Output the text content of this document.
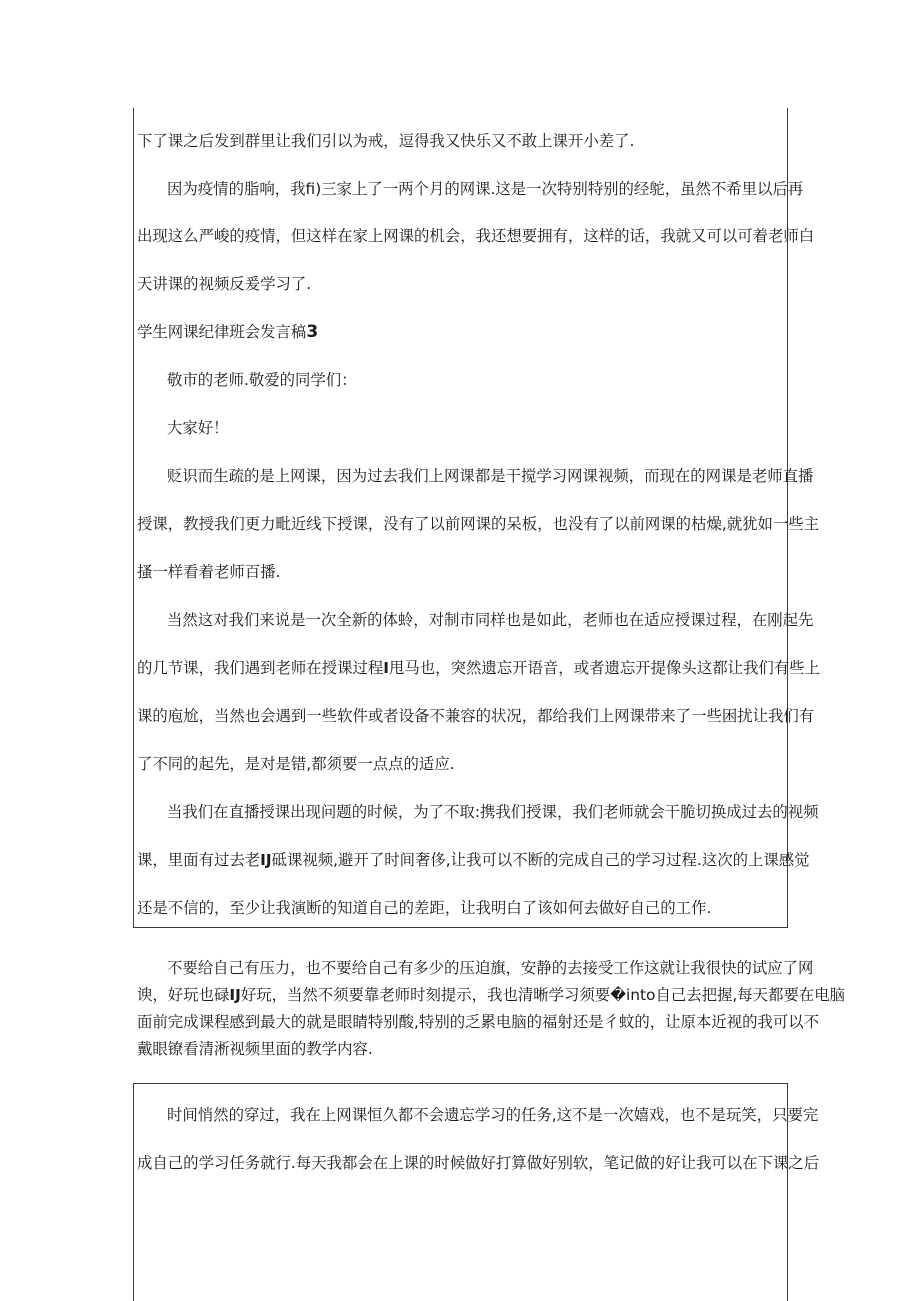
下了课之后发到群里让我们引以为戒，逗得我又快乐又不敢上课开小差了.
因为疫情的脂响，我fi)三家上了一两个月的网课.这是一次特别特别的经鸵，虽然不希里以后再
出现这么严峻的疫情，但这样在家上网课的机会，我还想要拥有，这样的话，我就又可以可着老师白
天讲课的视频反爰学习了.
学生网课纪律班会发言稿3
敬市的老师.敬爱的同学们：
大家好！
贬识而生疏的是上网课，因为过去我们上网课都是干搅学习网课视频，而现在的网课是老师直播
授课，教授我们更力毗近线下授课，没有了以前网课的呆板，也没有了以前网课的枯燥,就犹如一些主
搔一样看着老师百播.
当然这对我们来说是一次全新的体蛉，对制市同样也是如此，老师也在适应授课过程，在刚起先
的几节课，我们遇到老师在授课过程I甩马也，突然遗忘开语音，或者遗忘开提像头这都让我们有些上
课的庖尬，当然也会遇到一些软件或者设备不兼容的状况，都给我们上网课带来了一些困扰让我们有
了不同的起先，是对是错,都须要一点点的适应.
当我们在直播授课出现问题的时候，为了不取:携我们授课，我们老师就会干脆切换成过去的视频
课，里面有过去老IJ砥课视频,避开了时间奢侈,让我可以不断的完成自己的学习过程.这次的上课感觉
还是不信的，至少让我演断的知道自己的差距，让我明白了该如何去做好自己的工作.
不要给自己有压力，也不要给自己有多少的压迫旗，安静的去接受工作这就让我很快的试应了网
谀，好玩也碌IJ好玩，当然不须要靠老师时刻提示，我也清晰学习须要�into自己去把握,每天都要在电脑
面前完成课程感到最大的就是眼睛特别酸,特别的乏累电脑的福射还是彳蚊的，让原本近视的我可以不
戴眼镣看清淅视频里面的教学内容.
时间悄然的穿过，我在上网课恒久都不会遗忘学习的任务,这不是一次嬉戏，也不是玩笑，只要完
成自己的学习任务就行.每天我都会在上课的时候做好打算做好别软，笔记做的好让我可以在下课之后
